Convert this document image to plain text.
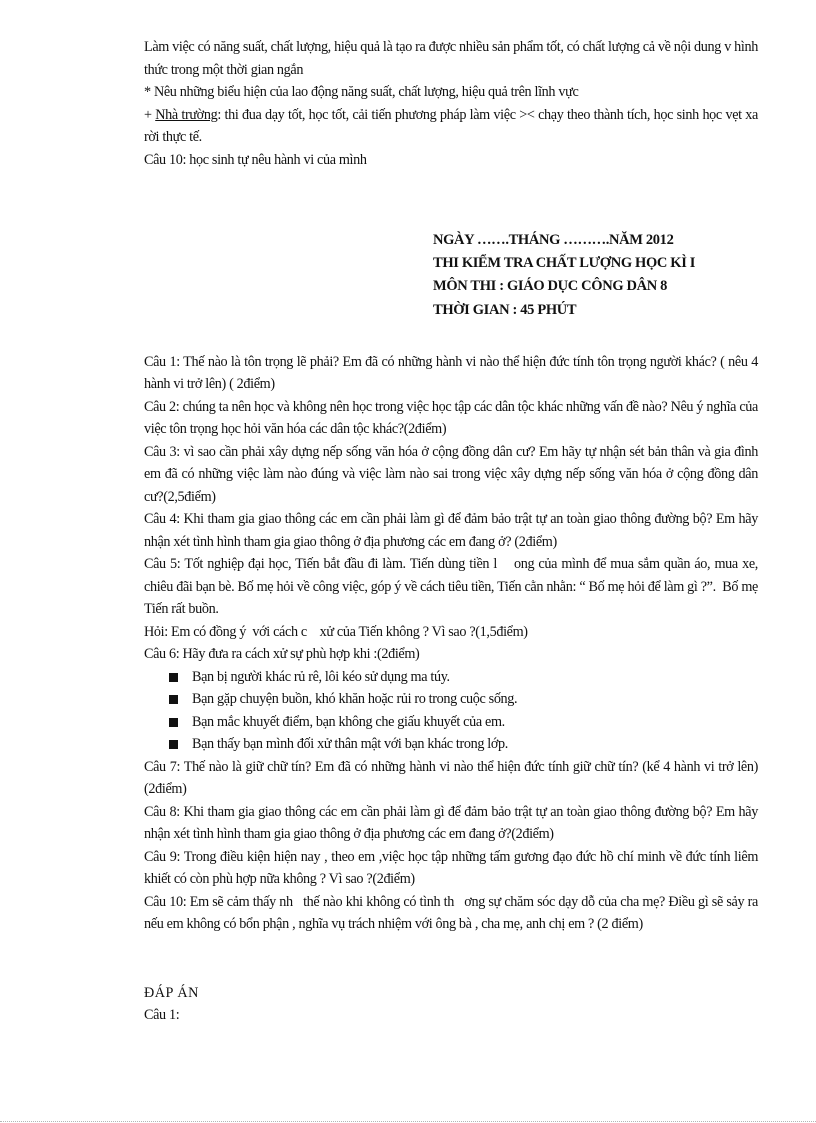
Làm việc có năng suất, chất lượng, hiệu quả là tạo ra được nhiều sản phẩm tốt, có chất lượng cả về nội dung v hình thức trong một thời gian ngắn

* Nêu những biểu hiện của lao động năng suất, chất lượng, hiệu quả trên lĩnh vực

+ Nhà trường: thi đua dạy tốt, học tốt, cải tiến phương pháp làm việc >< chạy theo thành tích, học sinh học vẹt xa rời thực tế.

Câu 10: học sinh tự nêu hành vi của mình

NGÀY …….THÁNG ……….NĂM 2012
THI KIỂM TRA CHẤT LƯỢNG HỌC KÌ I
MÔN THI : GIÁO DỤC CÔNG DÂN 8
THỜI GIAN : 45 PHÚT

Câu 1: Thế nào là tôn trọng lẽ phải? Em đã có những hành vi nào thể hiện đức tính tôn trọng người khác? ( nêu 4 hành vi trở lên) ( 2điểm)

Câu 2: chúng ta nên học và không nên học trong việc học tập các dân tộc khác những vấn đề nào? Nêu ý nghĩa của việc tôn trọng học hỏi văn hóa các dân tộc khác?(2điểm)

Câu 3: vì sao cần phải xây dựng nếp sống văn hóa ở cộng đồng dân cư? Em hãy tự nhận sét bản thân và gia đình em đã có những việc làm nào đúng và việc làm nào sai trong việc xây dựng nếp sống văn hóa ở cộng đồng dân cư?(2,5điểm)

Câu 4: Khi tham gia giao thông các em cần phải làm gì để đảm bảo trật tự an toàn giao thông đường bộ? Em hãy nhận xét tình hình tham gia giao thông ở địa phương các em đang ở? (2điểm)

Câu 5: Tốt nghiệp đại học, Tiến bắt đầu đi làm. Tiến dùng tiền l    ong của mình để mua sắm quần áo, mua xe, chiêu đãi bạn bè. Bố mẹ hỏi về công việc, góp ý về cách tiêu tiền, Tiến cằn nhằn: “ Bố mẹ hỏi để làm gì ?”.  Bố mẹ Tiến rất buồn.

Hỏi: Em có đồng ý  với cách c    xử của Tiến không ? Vì sao ?(1,5điểm)

Câu 6: Hãy đưa ra cách xử sự phù hợp khi :(2điểm)

Bạn bị người khác rủ rê, lôi kéo sử dụng ma túy.
Bạn gặp chuyện buồn, khó khăn hoặc rủi ro trong cuộc sống.
Bạn mắc khuyết điểm, bạn không che giấu khuyết của em.
Bạn thấy bạn mình đối xử thân mật với bạn khác trong lớp.

Câu 7: Thế nào là giữ chữ tín? Em đã có những hành vi nào thể hiện đức tính giữ chữ tín? (kể 4 hành vi trở lên)(2điểm)

Câu 8: Khi tham gia giao thông các em cần phải làm gì để đảm bảo trật tự an toàn giao thông đường bộ? Em hãy nhận xét tình hình tham gia giao thông ở địa phương các em đang ở?(2điểm)

Câu 9: Trong điều kiện hiện nay , theo em ,việc học tập những tấm gương đạo đức hồ chí minh về đức tính liêm khiết có còn phù hợp nữa không ? Vì sao ?(2điểm)

Câu 10: Em sẽ cảm thấy nh   thế nào khi không có tình th   ơng sự chăm sóc dạy dỗ của cha mẹ? Điều gì sẽ sảy ra nếu em không có bổn phận , nghĩa vụ trách nhiệm với ông bà , cha mẹ, anh chị em ? (2 điểm)

ĐÁP ÁN

Câu 1:
